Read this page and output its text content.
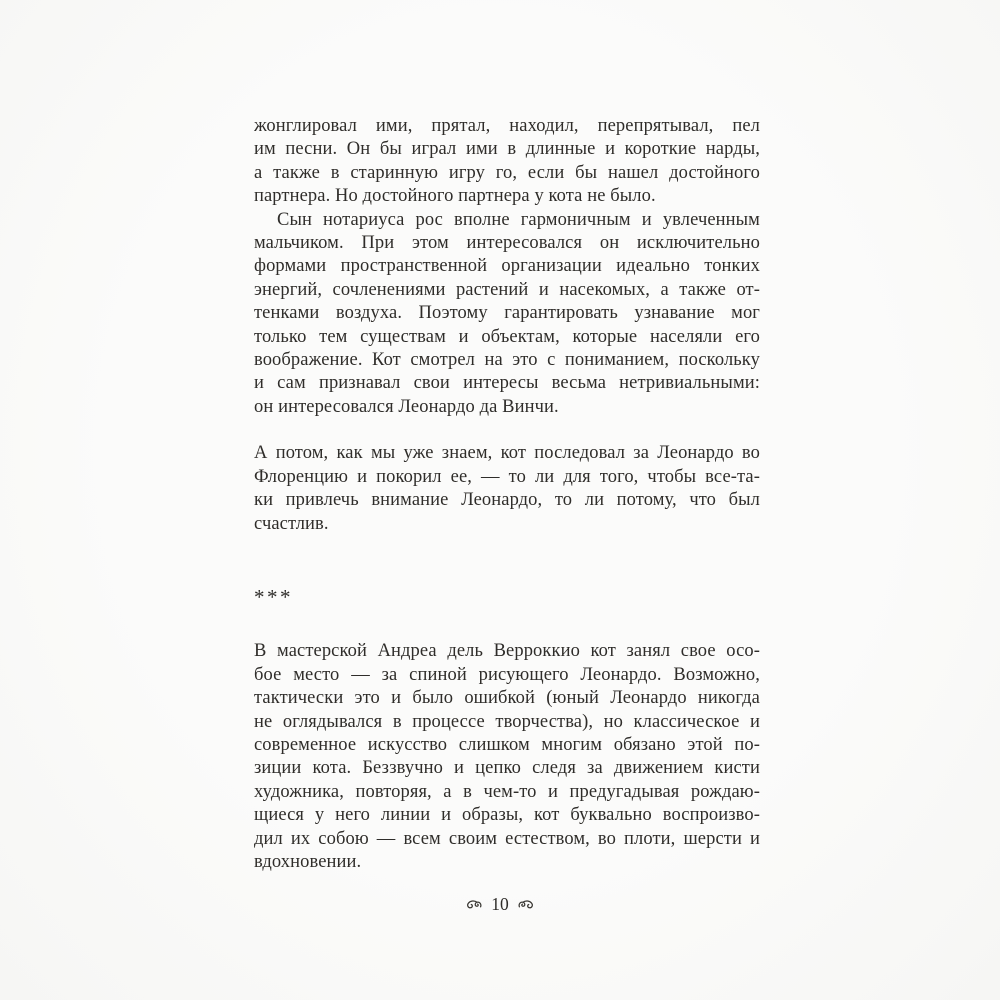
жонглировал ими, прятал, находил, перепрятывал, пел
им песни. Он бы играл ими в длинные и короткие нарды,
а также в старинную игру го, если бы нашел достойного
партнера. Но достойного партнера у кота не было.
Сын нотариуса рос вполне гармоничным и увлеченным
мальчиком. При этом интересовался он исключительно
формами пространственной организации идеально тонких
энергий, сочленениями растений и насекомых, а также от-
тенками воздуха. Поэтому гарантировать узнавание мог
только тем существам и объектам, которые населяли его
воображение. Кот смотрел на это с пониманием, поскольку
и сам признавал свои интересы весьма нетривиальными:
он интересовался Леонардо да Винчи.
А потом, как мы уже знаем, кот последовал за Леонардо во
Флоренцию и покорил ее, — то ли для того, чтобы все-та-
ки привлечь внимание Леонардо, то ли потому, что был
счастлив.
***
В мастерской Андреа дель Верроккио кот занял свое осо-
бое место — за спиной рисующего Леонардо. Возможно,
тактически это и было ошибкой (юный Леонардо никогда
не оглядывался в процессе творчества), но классическое и
современное искусство слишком многим обязано этой по-
зиции кота. Беззвучно и цепко следя за движением кисти
художника, повторяя, а в чем-то и предугадывая рождаю-
щиеся у него линии и образы, кот буквально воспроизво-
дил их собою — всем своим естеством, во плоти, шерсти и
вдохновении.
10
